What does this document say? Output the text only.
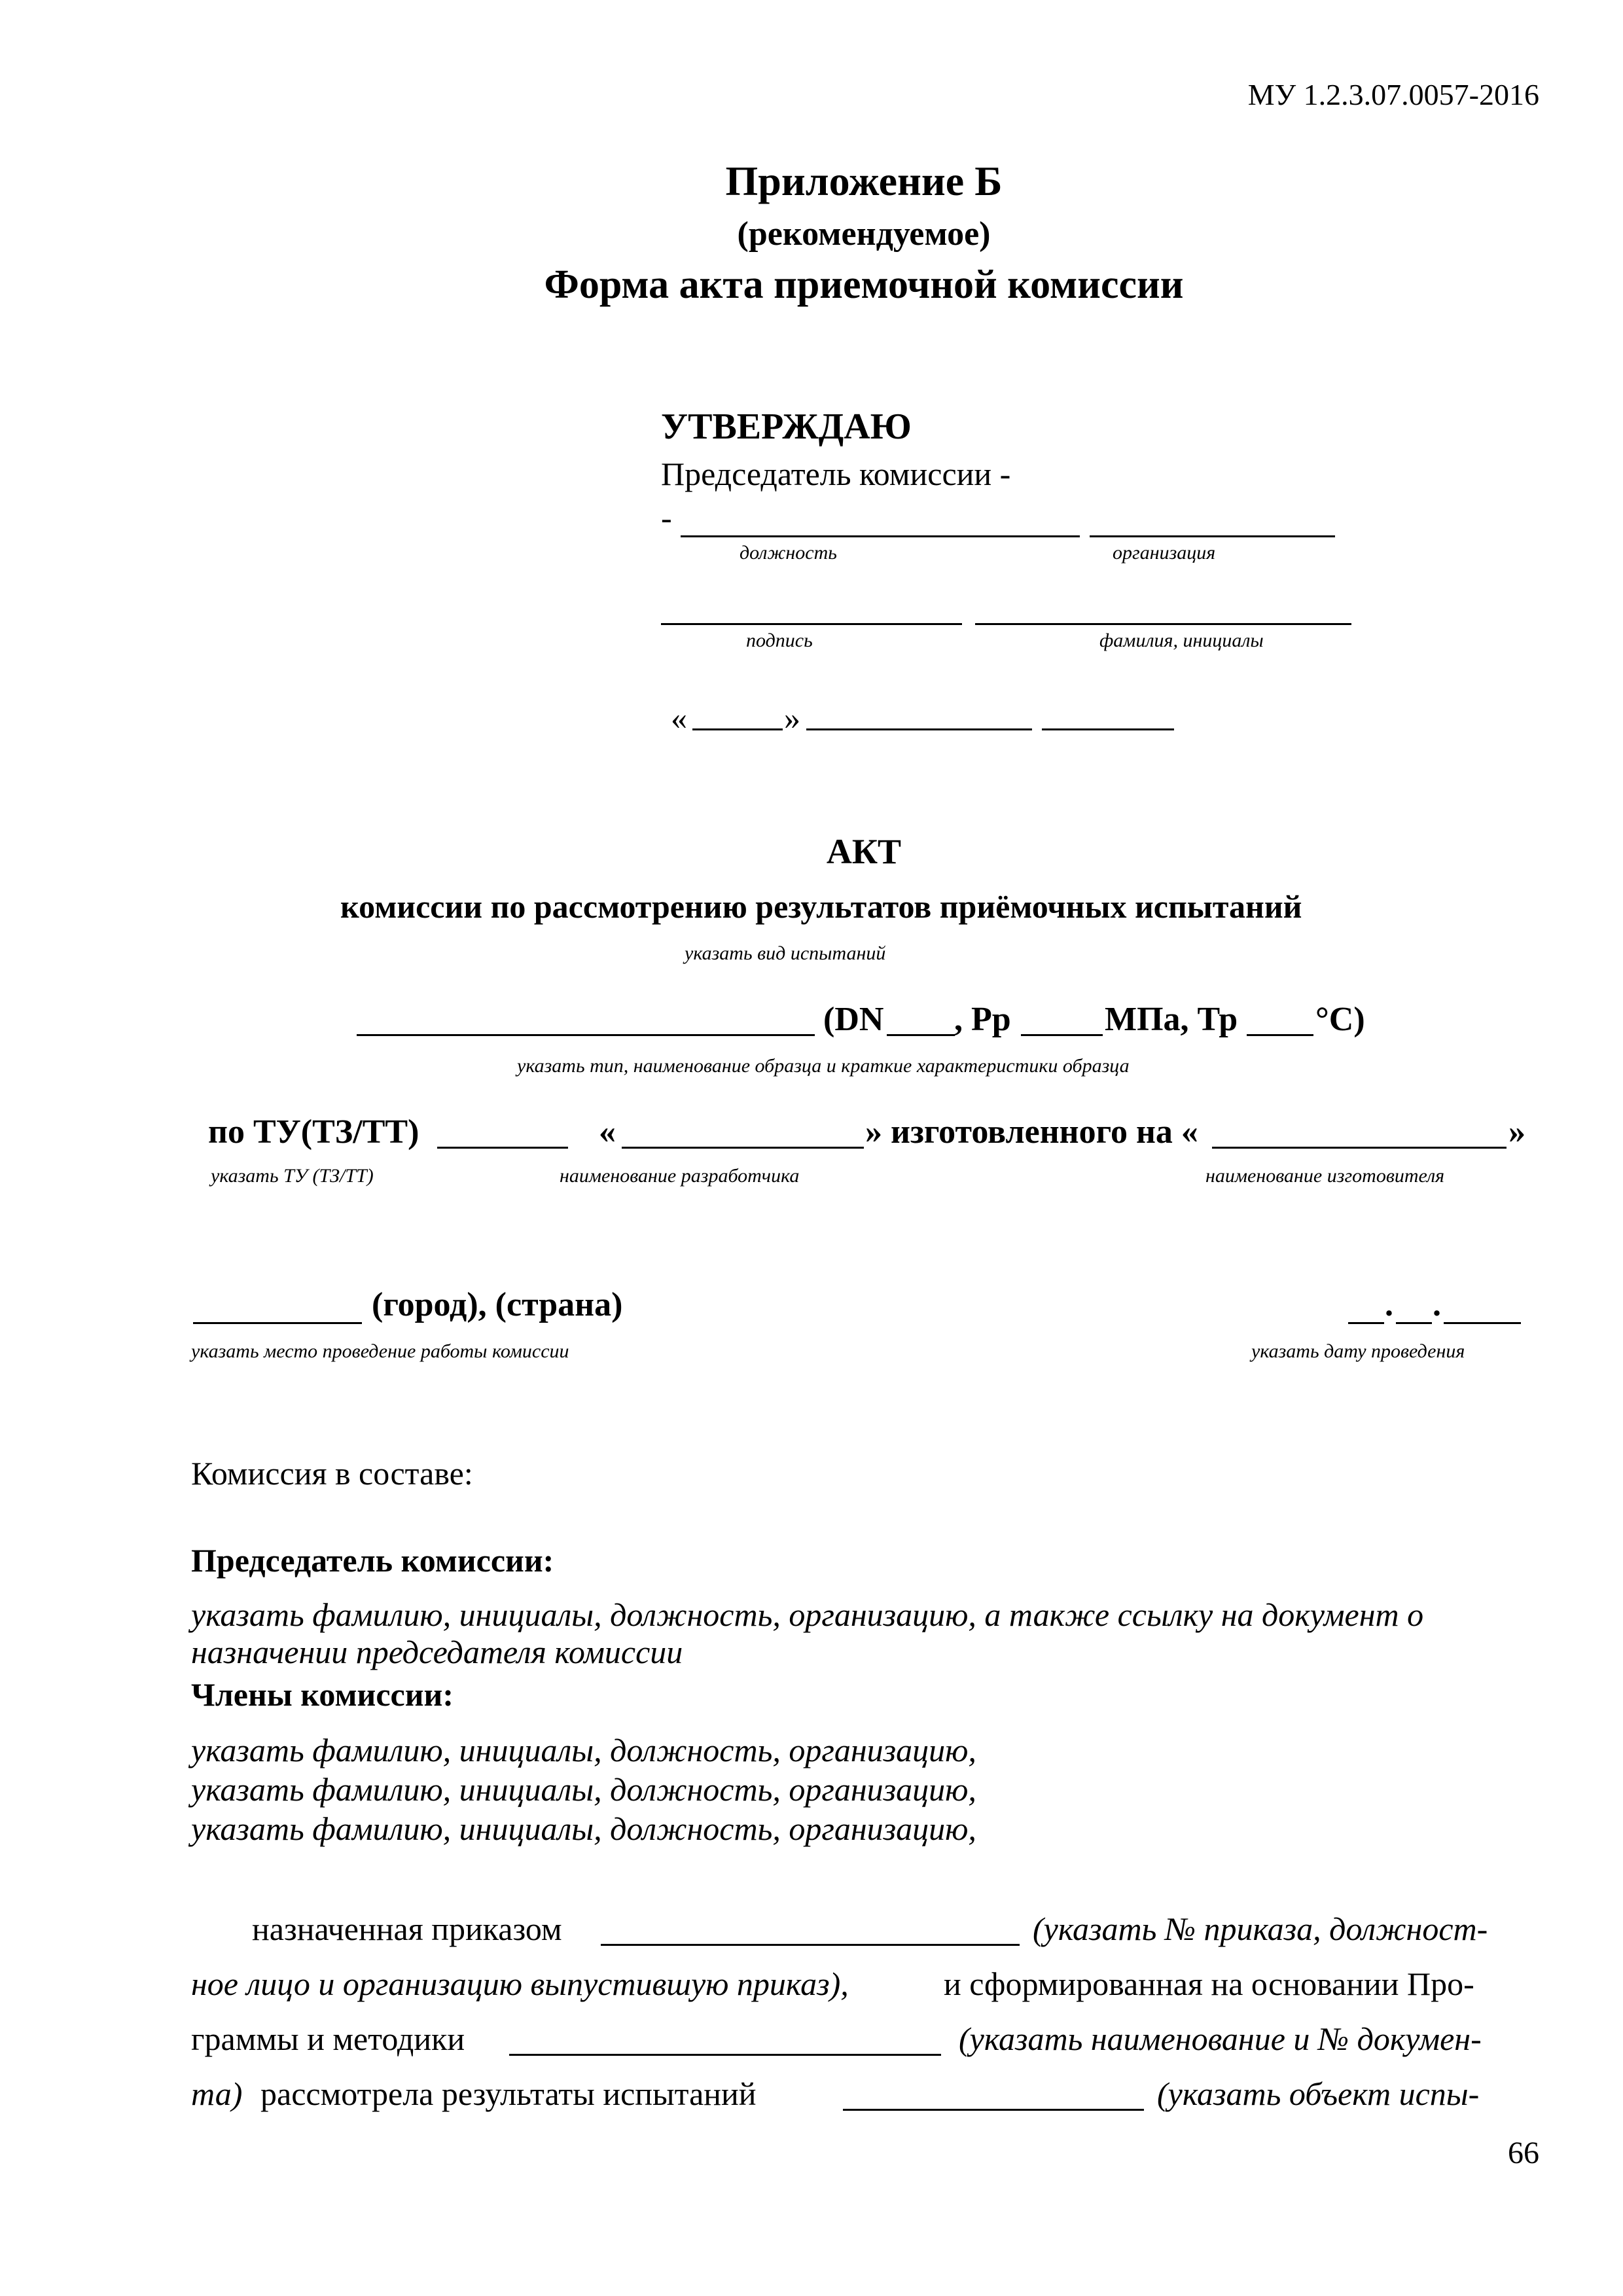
МУ 1.2.3.07.0057-2016
Приложение Б
(рекомендуемое)
Форма акта приемочной комиссии
УТВЕРЖДАЮ
Председатель комиссии -
-
должность	организация
подпись	фамилия, инициалы
«	»
АКТ
комиссии по рассмотрению результатов приёмочных испытаний
указать вид испытаний
(DN , Рр	МПа, Тр °С)
указать тип, наименование образца и краткие характеристики образца
по ТУ(ТЗ/ТТ)	«	» изготовленного на «	»
указать ТУ (ТЗ/ТТ)	наименование разработчика	наименование изготовителя
(город), (страна)	. .
указать место проведение работы комиссии	указать дату проведения
Комиссия в составе:
Председатель комиссии:
указать фамилию, инициалы, должность, организацию, а также ссылку на документ о
назначении председателя комиссии
Члены комиссии:
указать фамилию, инициалы, должность, организацию,
указать фамилию, инициалы, должность, организацию,
указать фамилию, инициалы, должность, организацию,
назначенная приказом	(указать № приказа, должност-
ное лицо и организацию выпустившую приказ),	и сформированная на основании Про-
граммы и методики	(указать наименование и № докумен-
та) рассмотрела результаты испытаний	(указать объект испы-
66
